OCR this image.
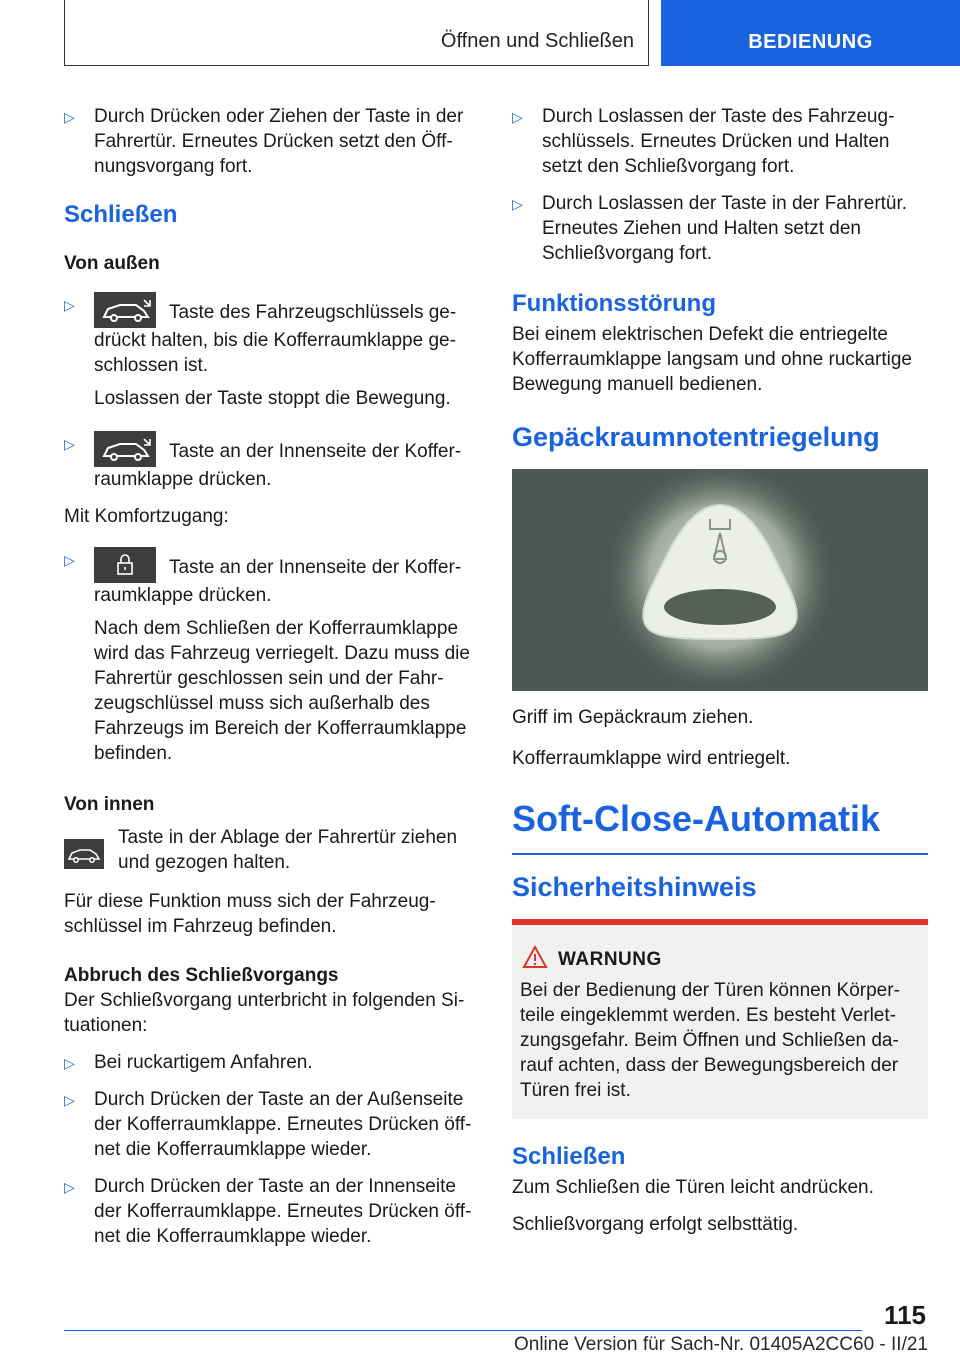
Öffnen und Schließen	BEDIENUNG
▷
Durch Drücken oder Ziehen der Taste in der Fahrertür. Erneutes Drücken setzt den Öffnungsvorgang fort.
Schließen
Von außen
▷
Taste des Fahrzeugschlüssels gedrückt halten, bis die Kofferraumklappe geschlossen ist.
Loslassen der Taste stoppt die Bewegung.
▷
Taste an der Innenseite der Kofferraumklappe drücken.
Mit Komfortzugang:
▷
Taste an der Innenseite der Kofferraumklappe drücken.
Nach dem Schließen der Kofferraumklappe wird das Fahrzeug verriegelt. Dazu muss die Fahrertür geschlossen sein und der Fahrzeugschlüssel muss sich außerhalb des Fahrzeugs im Bereich der Kofferraumklappe befinden.
Von innen
Taste in der Ablage der Fahrertür ziehen und gezogen halten.
Für diese Funktion muss sich der Fahrzeugschlüssel im Fahrzeug befinden.
Abbruch des Schließvorgangs
Der Schließvorgang unterbricht in folgenden Situationen:
▷
Bei ruckartigem Anfahren.
▷
Durch Drücken der Taste an der Außenseite der Kofferraumklappe. Erneutes Drücken öffnet die Kofferraumklappe wieder.
▷
Durch Drücken der Taste an der Innenseite der Kofferraumklappe. Erneutes Drücken öffnet die Kofferraumklappe wieder.
▷
Durch Loslassen der Taste des Fahrzeugschlüssels. Erneutes Drücken und Halten setzt den Schließvorgang fort.
▷
Durch Loslassen der Taste in der Fahrertür. Erneutes Ziehen und Halten setzt den Schließvorgang fort.
Funktionsstörung
Bei einem elektrischen Defekt die entriegelte Kofferraumklappe langsam und ohne ruckartige Bewegung manuell bedienen.
Gepäckraumnotentriegelung
Griff im Gepäckraum ziehen.
Kofferraumklappe wird entriegelt.
Soft-Close-Automatik
Sicherheitshinweis
WARNUNG
Bei der Bedienung der Türen können Körperteile eingeklemmt werden. Es besteht Verletzungsgefahr. Beim Öffnen und Schließen darauf achten, dass der Bewegungsbereich der Türen frei ist.
Schließen
Zum Schließen die Türen leicht andrücken.
Schließvorgang erfolgt selbsttätig.
115
Online Version für Sach-Nr. 01405A2CC60 - II/21
